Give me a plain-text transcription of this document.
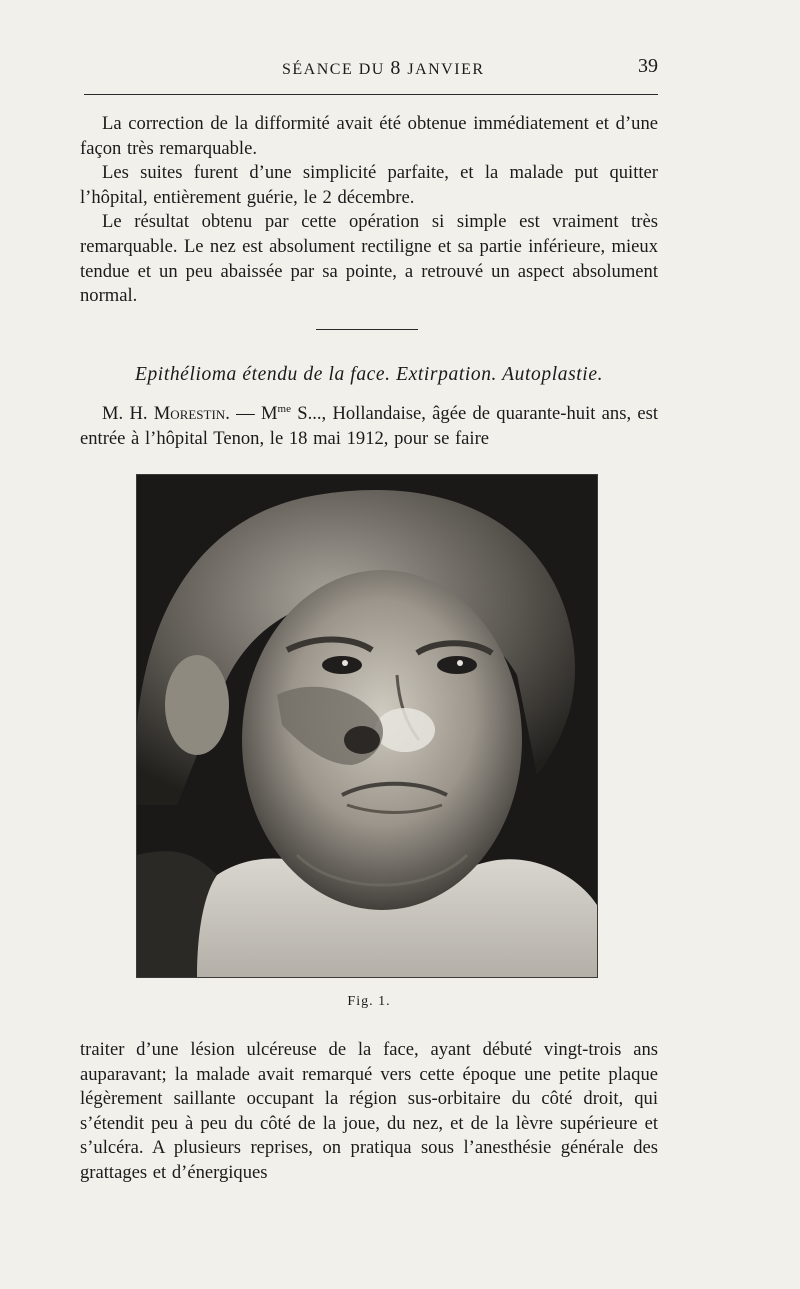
SÉANCE DU 8 JANVIER	39

La correction de la difformité avait été obtenue immédiatement et d’une façon très remarquable.

Les suites furent d’une simplicité parfaite, et la malade put quitter l’hôpital, entièrement guérie, le 2 décembre.

Le résultat obtenu par cette opération si simple est vraiment très remarquable. Le nez est absolument rectiligne et sa partie inférieure, mieux tendue et un peu abaissée par sa pointe, a retrouvé un aspect absolument normal.

Epithélioma étendu de la face. Extirpation. Autoplastie.

M. H. Morestin. — $M^{me}$ S..., Hollandaise, âgée de quarante-huit ans, est entrée à l’hôpital Tenon, le 18 mai 1912, pour se faire

Fig. 1.

traiter d’une lésion ulcéreuse de la face, ayant débuté vingt-trois ans auparavant; la malade avait remarqué vers cette époque une petite plaque légèrement saillante occupant la région sus-orbitaire du côté droit, qui s’étendit peu à peu du côté de la joue, du nez, et de la lèvre supérieure et s’ulcéra. A plusieurs reprises, on pratiqua sous l’anesthésie générale des grattages et d’énergiques
